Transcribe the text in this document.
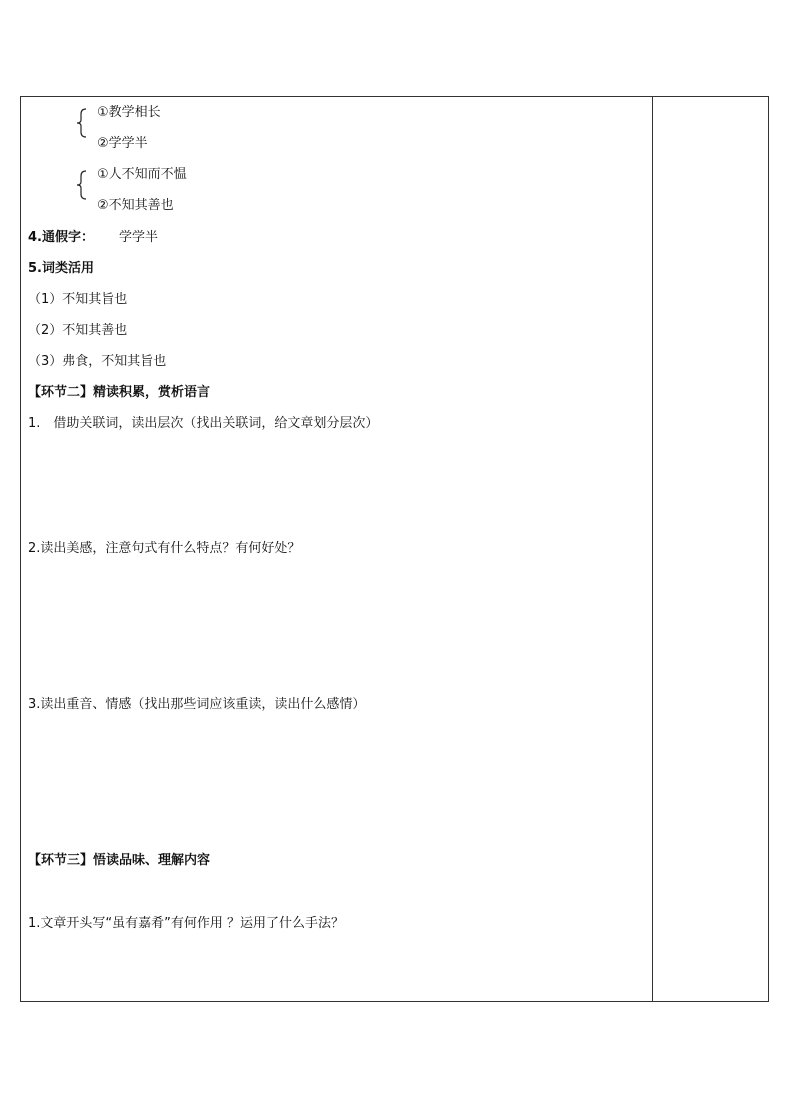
①教学相长
②学学半
①人不知而不愠
②不知其善也
4.通假字： 学学半
5.词类活用
（1）不知其旨也
（2）不知其善也
（3）弗食，不知其旨也
【环节二】精读积累，赏析语言
1.　借助关联词，读出层次（找出关联词，给文章划分层次）
2.读出美感，注意句式有什么特点？有何好处？
3.读出重音、情感（找出那些词应该重读，读出什么感情）
【环节三】悟读品味、理解内容
1.文章开头写“虽有嘉肴”有何作用 ？运用了什么手法？
